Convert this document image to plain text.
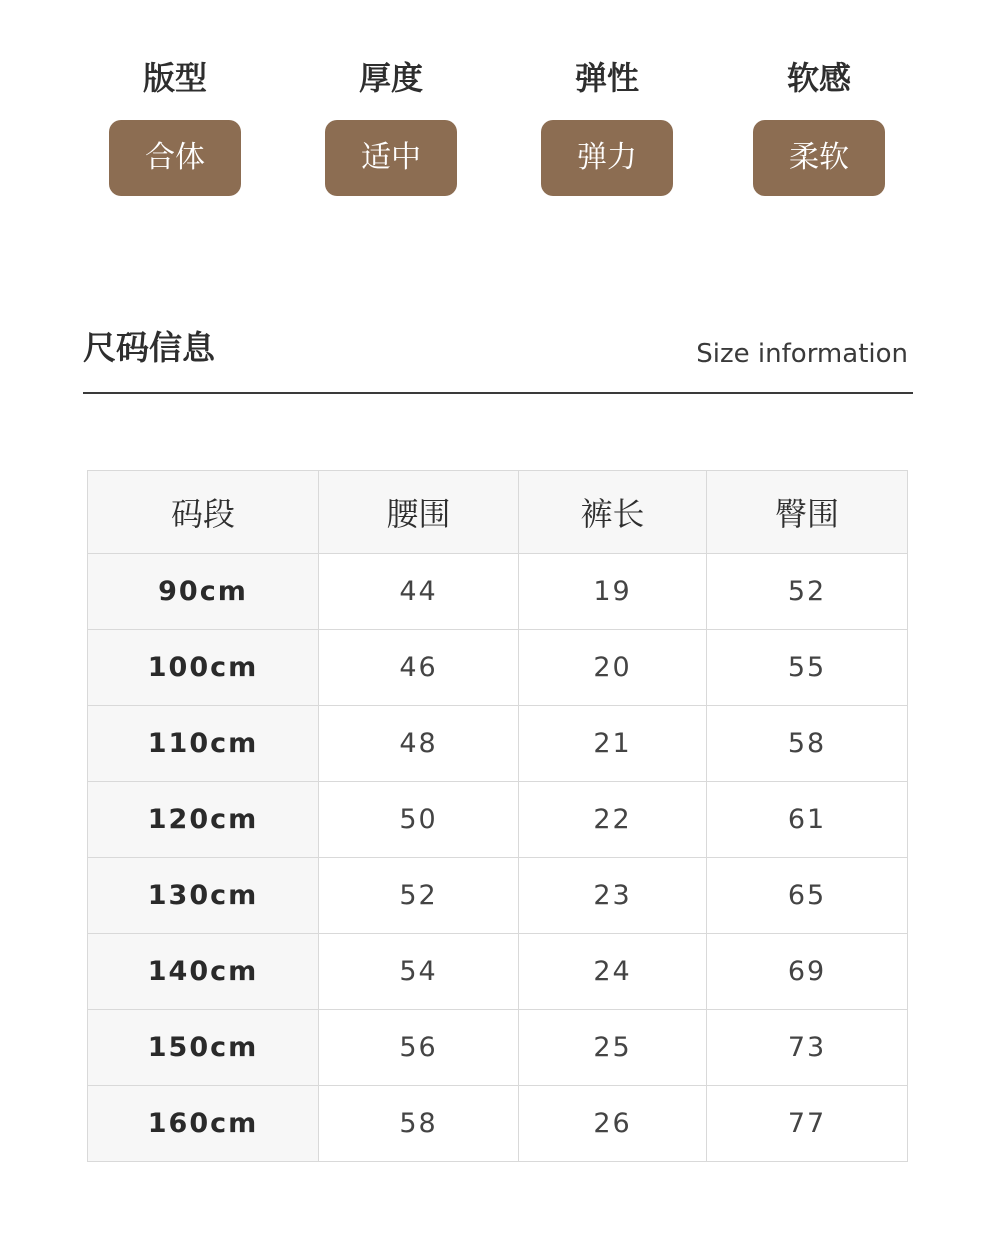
版型
合体
厚度
适中
弹性
弹力
软感
柔软
尺码信息	Size information
码段	腰围	裤长	臀围
90cm	44	19	52
100cm	46	20	55
110cm	48	21	58
120cm	50	22	61
130cm	52	23	65
140cm	54	24	69
150cm	56	25	73
160cm	58	26	77
